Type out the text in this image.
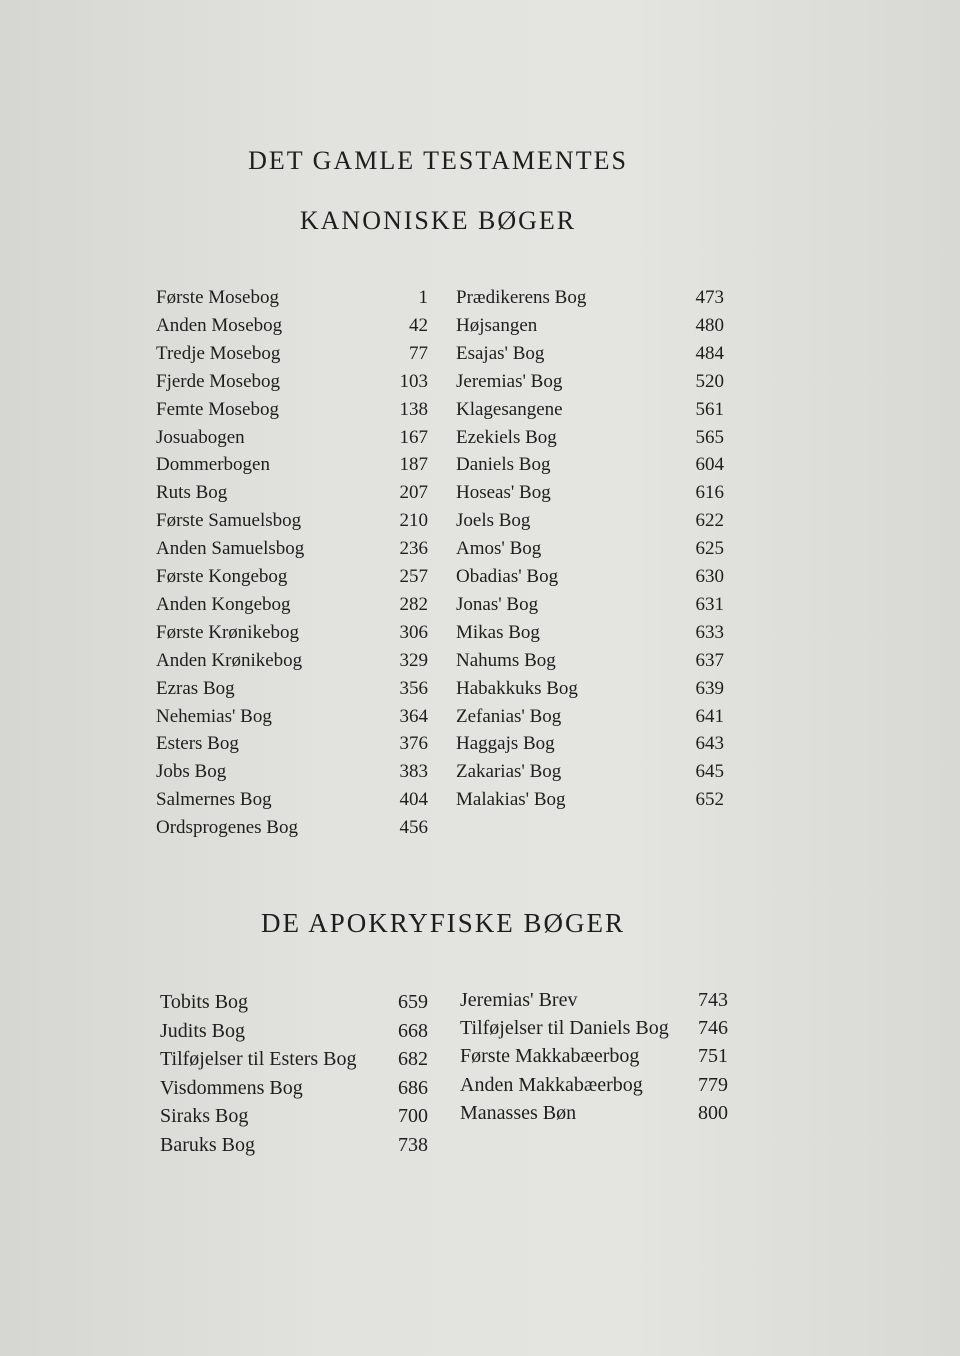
DET GAMLE TESTAMENTES
KANONISKE BØGER
Første Mosebog	1
Anden Mosebog	42
Tredje Mosebog	77
Fjerde Mosebog	103
Femte Mosebog	138
Josuabogen	167
Dommerbogen	187
Ruts Bog	207
Første Samuelsbog	210
Anden Samuelsbog	236
Første Kongebog	257
Anden Kongebog	282
Første Krønikebog	306
Anden Krønikebog	329
Ezras Bog	356
Nehemias' Bog	364
Esters Bog	376
Jobs Bog	383
Salmernes Bog	404
Ordsprogenes Bog	456
Prædikerens Bog	473
Højsangen	480
Esajas' Bog	484
Jeremias' Bog	520
Klagesangene	561
Ezekiels Bog	565
Daniels Bog	604
Hoseas' Bog	616
Joels Bog	622
Amos' Bog	625
Obadias' Bog	630
Jonas' Bog	631
Mikas Bog	633
Nahums Bog	637
Habakkuks Bog	639
Zefanias' Bog	641
Haggajs Bog	643
Zakarias' Bog	645
Malakias' Bog	652
DE APOKRYFISKE BØGER
Tobits Bog	659
Judits Bog	668
Tilføjelser til Esters Bog 682
Visdommens Bog	686
Siraks Bog	700
Baruks Bog	738
Jeremias' Brev	743
Tilføjelser til Daniels Bog 746
Første Makkabæerbog	751
Anden Makkabæerbog	779
Manasses Bøn	800
